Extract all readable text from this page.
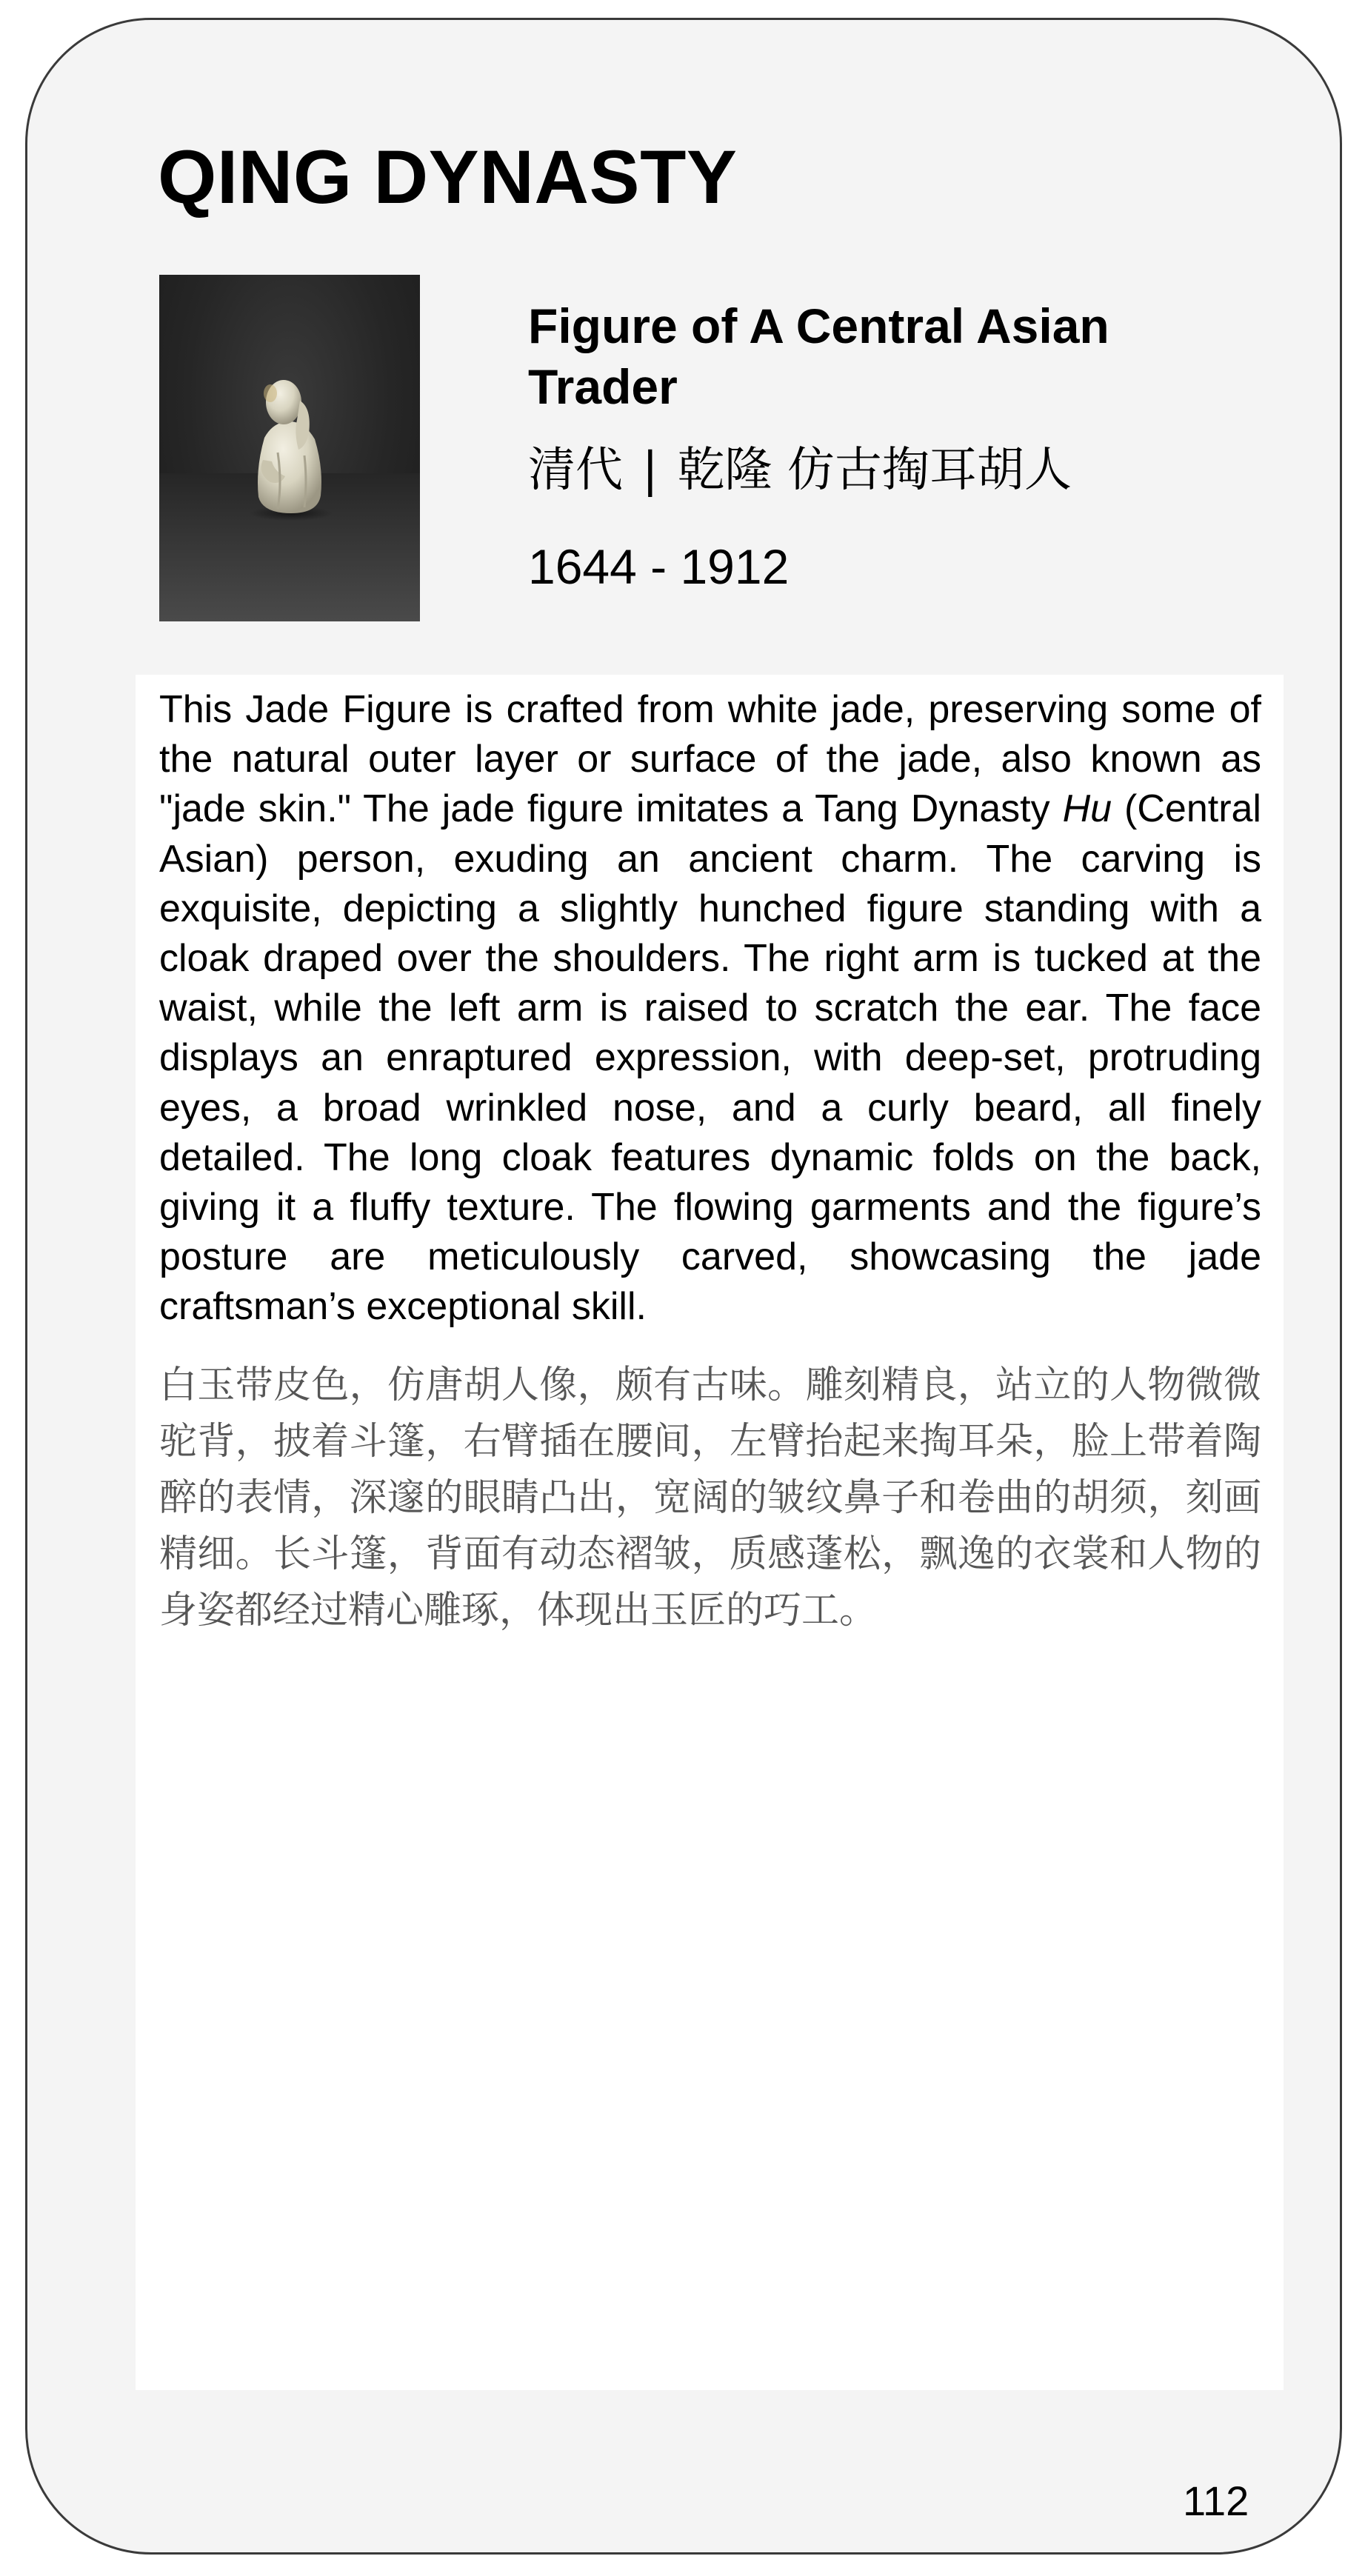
QING DYNASTY
Figure of A Central Asian Trader
清代 | 乾隆 仿古掏耳胡人
1644 - 1912

This Jade Figure is crafted from white jade, preserving some of the natural outer layer or surface of the jade, also known as "jade skin." The jade figure imitates a Tang Dynasty Hu (Central Asian) person, exuding an ancient charm. The carving is exquisite, depicting a slightly hunched figure standing with a cloak draped over the shoulders. The right arm is tucked at the waist, while the left arm is raised to scratch the ear. The face displays an enraptured expression, with deep-set, protruding eyes, a broad wrinkled nose, and a curly beard, all finely detailed. The long cloak features dynamic folds on the back, giving it a fluffy texture. The flowing garments and the figure’s posture are meticulously carved, showcasing the jade craftsman’s exceptional skill.

白玉带皮色，仿唐胡人像，颇有古味。雕刻精良，站立的人物微微驼背，披着斗篷，右臂插在腰间，左臂抬起来掏耳朵，脸上带着陶醉的表情，深邃的眼睛凸出，宽阔的皱纹鼻子和卷曲的胡须，刻画精细。长斗篷，背面有动态褶皱，质感蓬松，飘逸的衣裳和人物的身姿都经过精心雕琢，体现出玉匠的巧工。

112
